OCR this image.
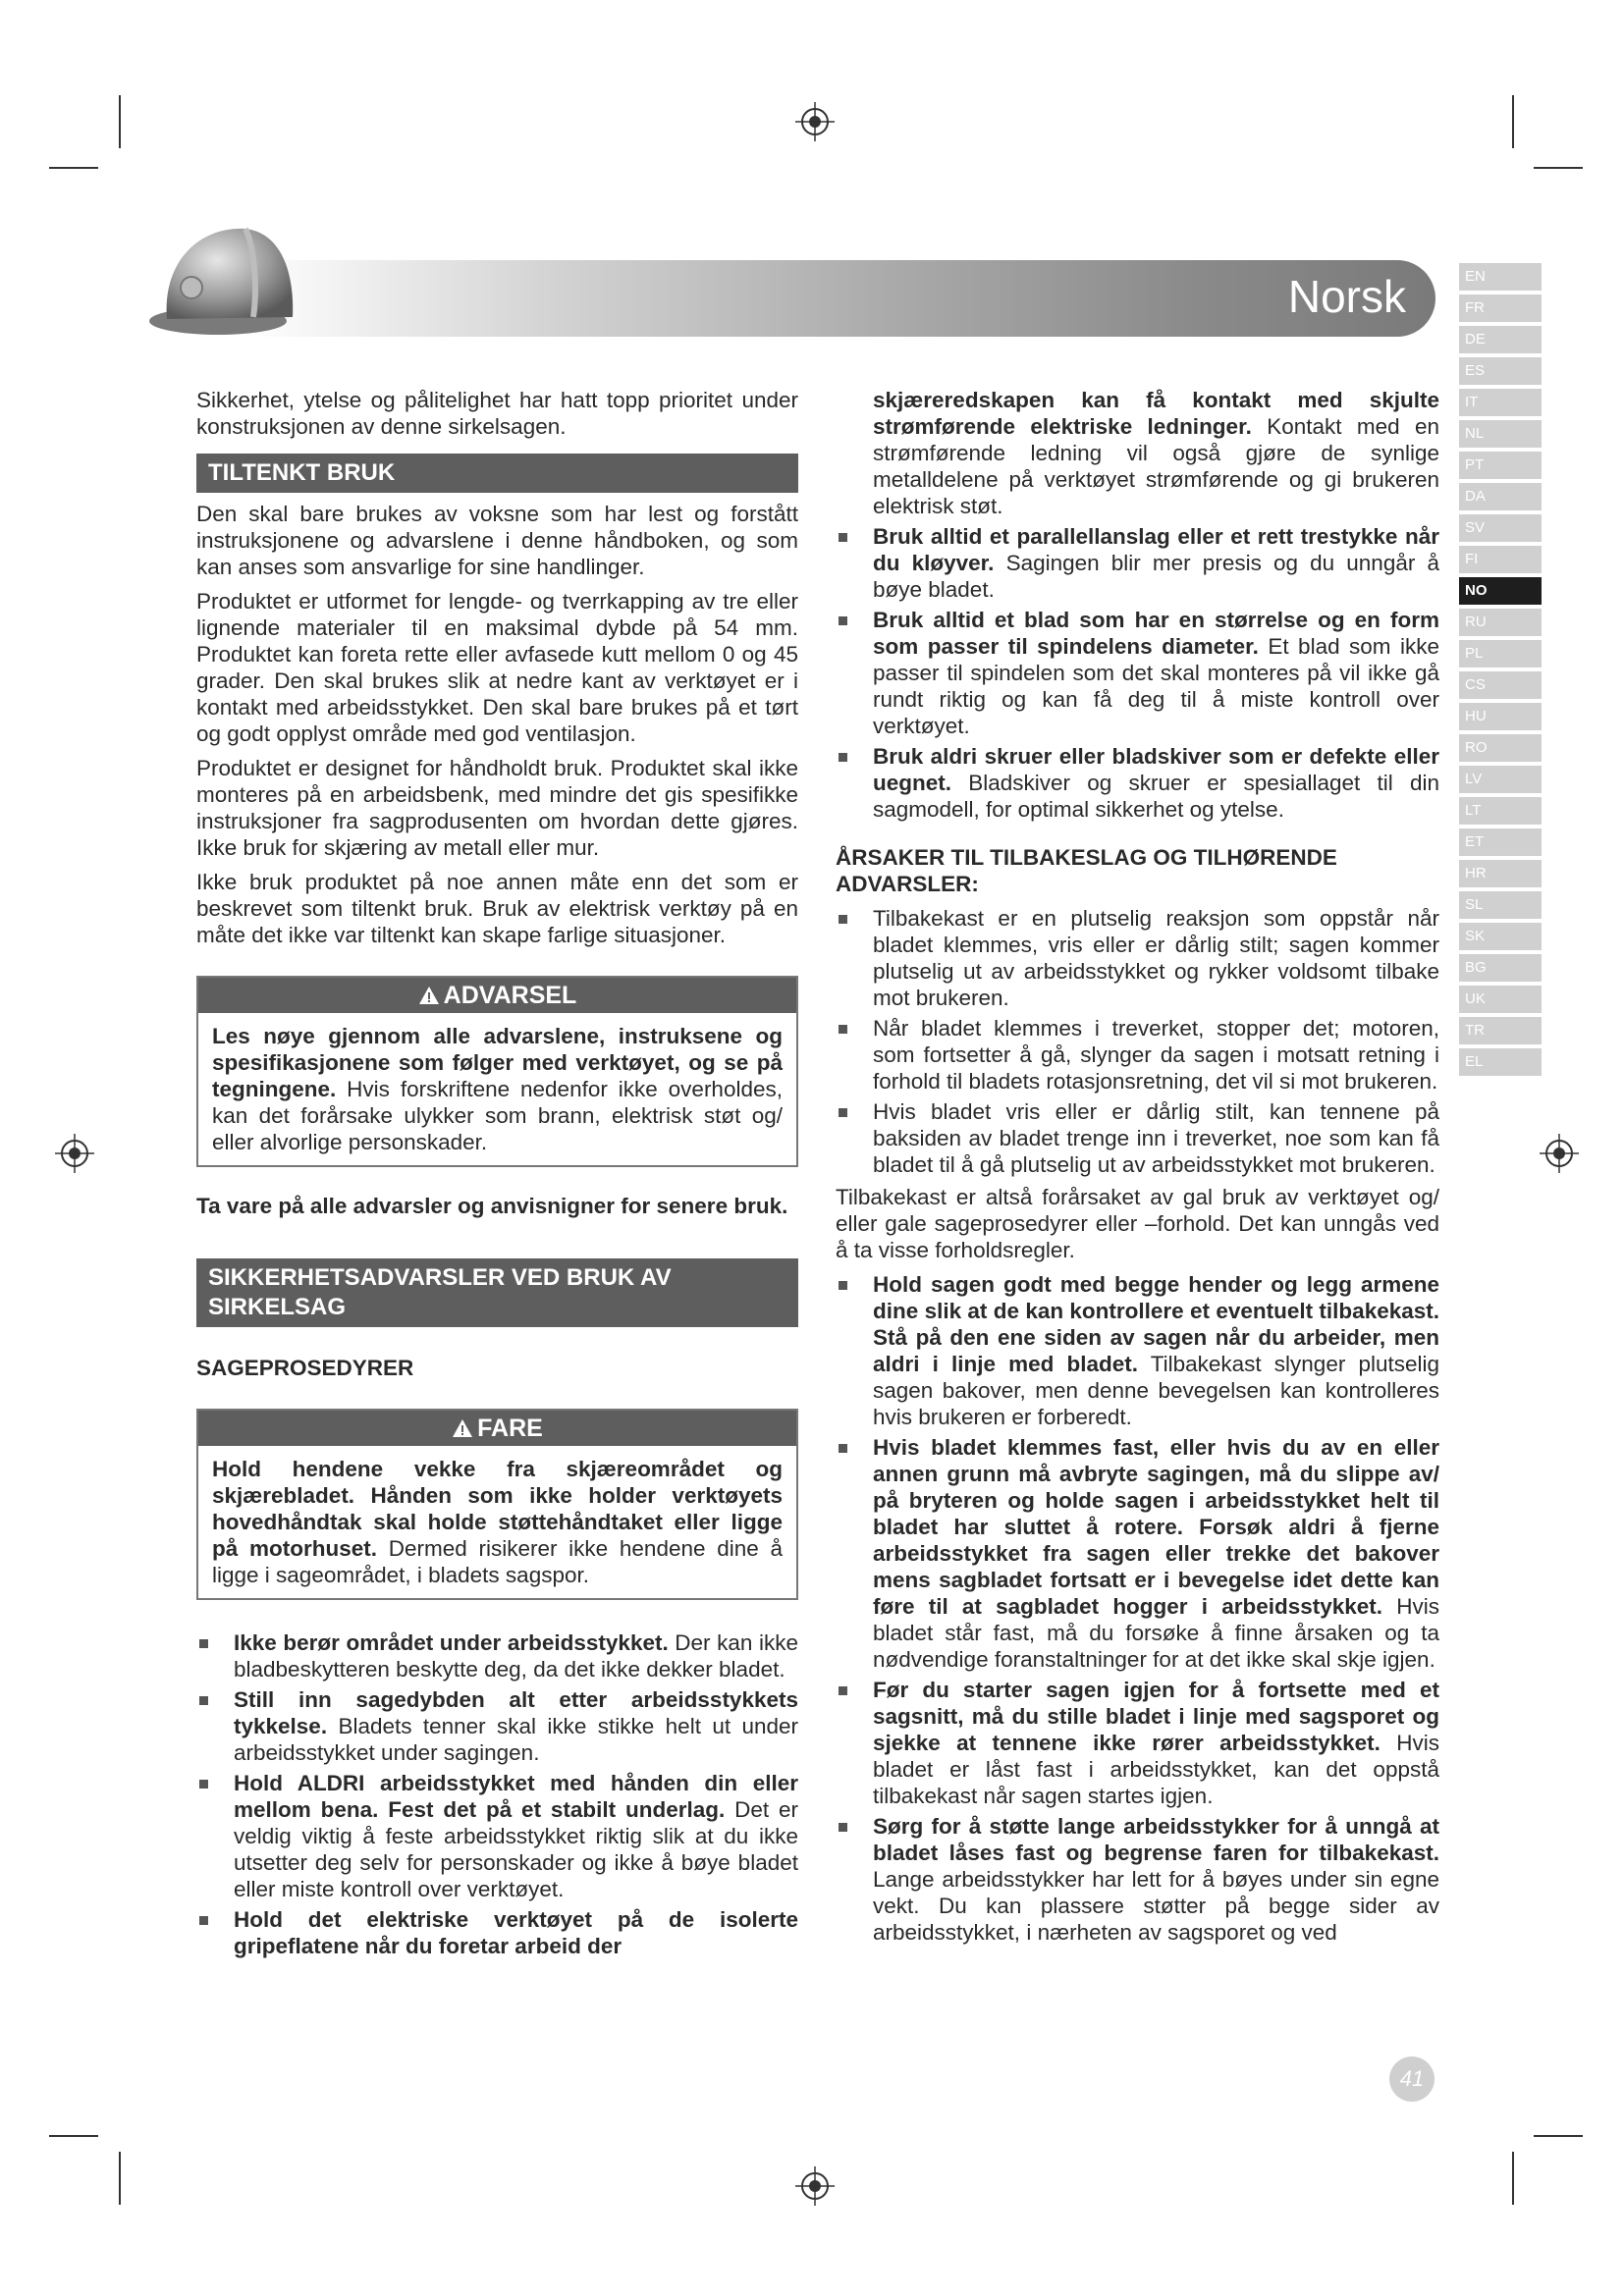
Norsk	EN
FR
DE
ES
IT
NL
PT
DA
SV
FI
NO
RU
PL
CS
HU
RO
LV
LT
ET
HR
SL
SK
BG
UK
TR
EL

Sikkerhet, ytelse og pålitelighet har hatt topp prioritet under konstruksjonen av denne sirkelsagen.

TILTENKT BRUK

Den skal bare brukes av voksne som har lest og forstått instruksjonene og advarslene i denne håndboken, og som kan anses som ansvarlige for sine handlinger.

Produktet er utformet for lengde- og tverrkapping av tre eller lignende materialer til en maksimal dybde på 54 mm. Produktet kan foreta rette eller avfasede kutt mellom 0 og 45 grader. Den skal brukes slik at nedre kant av verktøyet er i kontakt med arbeidsstykket. Den skal bare brukes på et tørt og godt opplyst område med god ventilasjon.

Produktet er designet for håndholdt bruk. Produktet skal ikke monteres på en arbeidsbenk, med mindre det gis spesifikke instruksjoner fra sagprodusenten om hvordan dette gjøres. Ikke bruk for skjæring av metall eller mur.

Ikke bruk produktet på noe annen måte enn det som er beskrevet som tiltenkt bruk. Bruk av elektrisk verktøy på en måte det ikke var tiltenkt kan skape farlige situasjoner.

ADVARSEL
Les nøye gjennom alle advarslene, instruksene og spesifikasjonene som følger med verktøyet, og se på tegningene. Hvis forskriftene nedenfor ikke overholdes, kan det forårsake ulykker som brann, elektrisk støt og/ eller alvorlige personskader.

Ta vare på alle advarsler og anvisnigner for senere bruk.

SIKKERHETSADVARSLER VED BRUK AV SIRKELSAG
SAGEPROSEDYRER
FARE
Hold hendene vekke fra skjæreområdet og skjærebladet. Hånden som ikke holder verktøyets hovedhåndtak skal holde støttehåndtaket eller ligge på motorhuset. Dermed risikerer ikke hendene dine å ligge i sageområdet, i bladets sagspor.
Ikke berør området under arbeidsstykket. Der kan ikke bladbeskytteren beskytte deg, da det ikke dekker bladet.
Still inn sagedybden alt etter arbeidsstykkets tykkelse. Bladets tenner skal ikke stikke helt ut under arbeidsstykket under sagingen.
Hold ALDRI arbeidsstykket med hånden din eller mellom bena. Fest det på et stabilt underlag. Det er veldig viktig å feste arbeidsstykket riktig slik at du ikke utsetter deg selv for personskader og ikke å bøye bladet eller miste kontroll over verktøyet.
Hold det elektriske verktøyet på de isolerte gripeflatene når du foretar arbeid der

skjæreredskapen kan få kontakt med skjulte strømførende elektriske ledninger. Kontakt med en strømførende ledning vil også gjøre de synlige metalldelene på verktøyet strømførende og gi brukeren elektrisk støt.

Bruk alltid et parallellanslag eller et rett trestykke når du kløyver. Sagingen blir mer presis og du unngår å bøye bladet.
Bruk alltid et blad som har en størrelse og en form som passer til spindelens diameter. Et blad som ikke passer til spindelen som det skal monteres på vil ikke gå rundt riktig og kan få deg til å miste kontroll over verktøyet.
Bruk aldri skruer eller bladskiver som er defekte eller uegnet. Bladskiver og skruer er spesiallaget til din sagmodell, for optimal sikkerhet og ytelse.
ÅRSAKER TIL TILBAKESLAG OG TILHØRENDE ADVARSLER:
Tilbakekast er en plutselig reaksjon som oppstår når bladet klemmes, vris eller er dårlig stilt; sagen kommer plutselig ut av arbeidsstykket og rykker voldsomt tilbake mot brukeren.
Når bladet klemmes i treverket, stopper det; motoren, som fortsetter å gå, slynger da sagen i motsatt retning i forhold til bladets rotasjonsretning, det vil si mot brukeren.
Hvis bladet vris eller er dårlig stilt, kan tennene på baksiden av bladet trenge inn i treverket, noe som kan få bladet til å gå plutselig ut av arbeidsstykket mot brukeren.

Tilbakekast er altså forårsaket av gal bruk av verktøyet og/ eller gale sageprosedyrer eller –forhold. Det kan unngås ved å ta visse forholdsregler.

Hold sagen godt med begge hender og legg armene dine slik at de kan kontrollere et eventuelt tilbakekast. Stå på den ene siden av sagen når du arbeider, men aldri i linje med bladet. Tilbakekast slynger plutselig sagen bakover, men denne bevegelsen kan kontrolleres hvis brukeren er forberedt.
Hvis bladet klemmes fast, eller hvis du av en eller annen grunn må avbryte sagingen, må du slippe av/ på bryteren og holde sagen i arbeidsstykket helt til bladet har sluttet å rotere. Forsøk aldri å fjerne arbeidsstykket fra sagen eller trekke det bakover mens sagbladet fortsatt er i bevegelse idet dette kan føre til at sagbladet hogger i arbeidsstykket. Hvis bladet står fast, må du forsøke å finne årsaken og ta nødvendige foranstaltninger for at det ikke skal skje igjen.
Før du starter sagen igjen for å fortsette med et sagsnitt, må du stille bladet i linje med sagsporet og sjekke at tennene ikke rører arbeidsstykket. Hvis bladet er låst fast i arbeidsstykket, kan det oppstå tilbakekast når sagen startes igjen.
Sørg for å støtte lange arbeidsstykker for å unngå at bladet låses fast og begrense faren for tilbakekast. Lange arbeidsstykker har lett for å bøyes under sin egne vekt. Du kan plassere støtter på begge sider av arbeidsstykket, i nærheten av sagsporet og ved
41
